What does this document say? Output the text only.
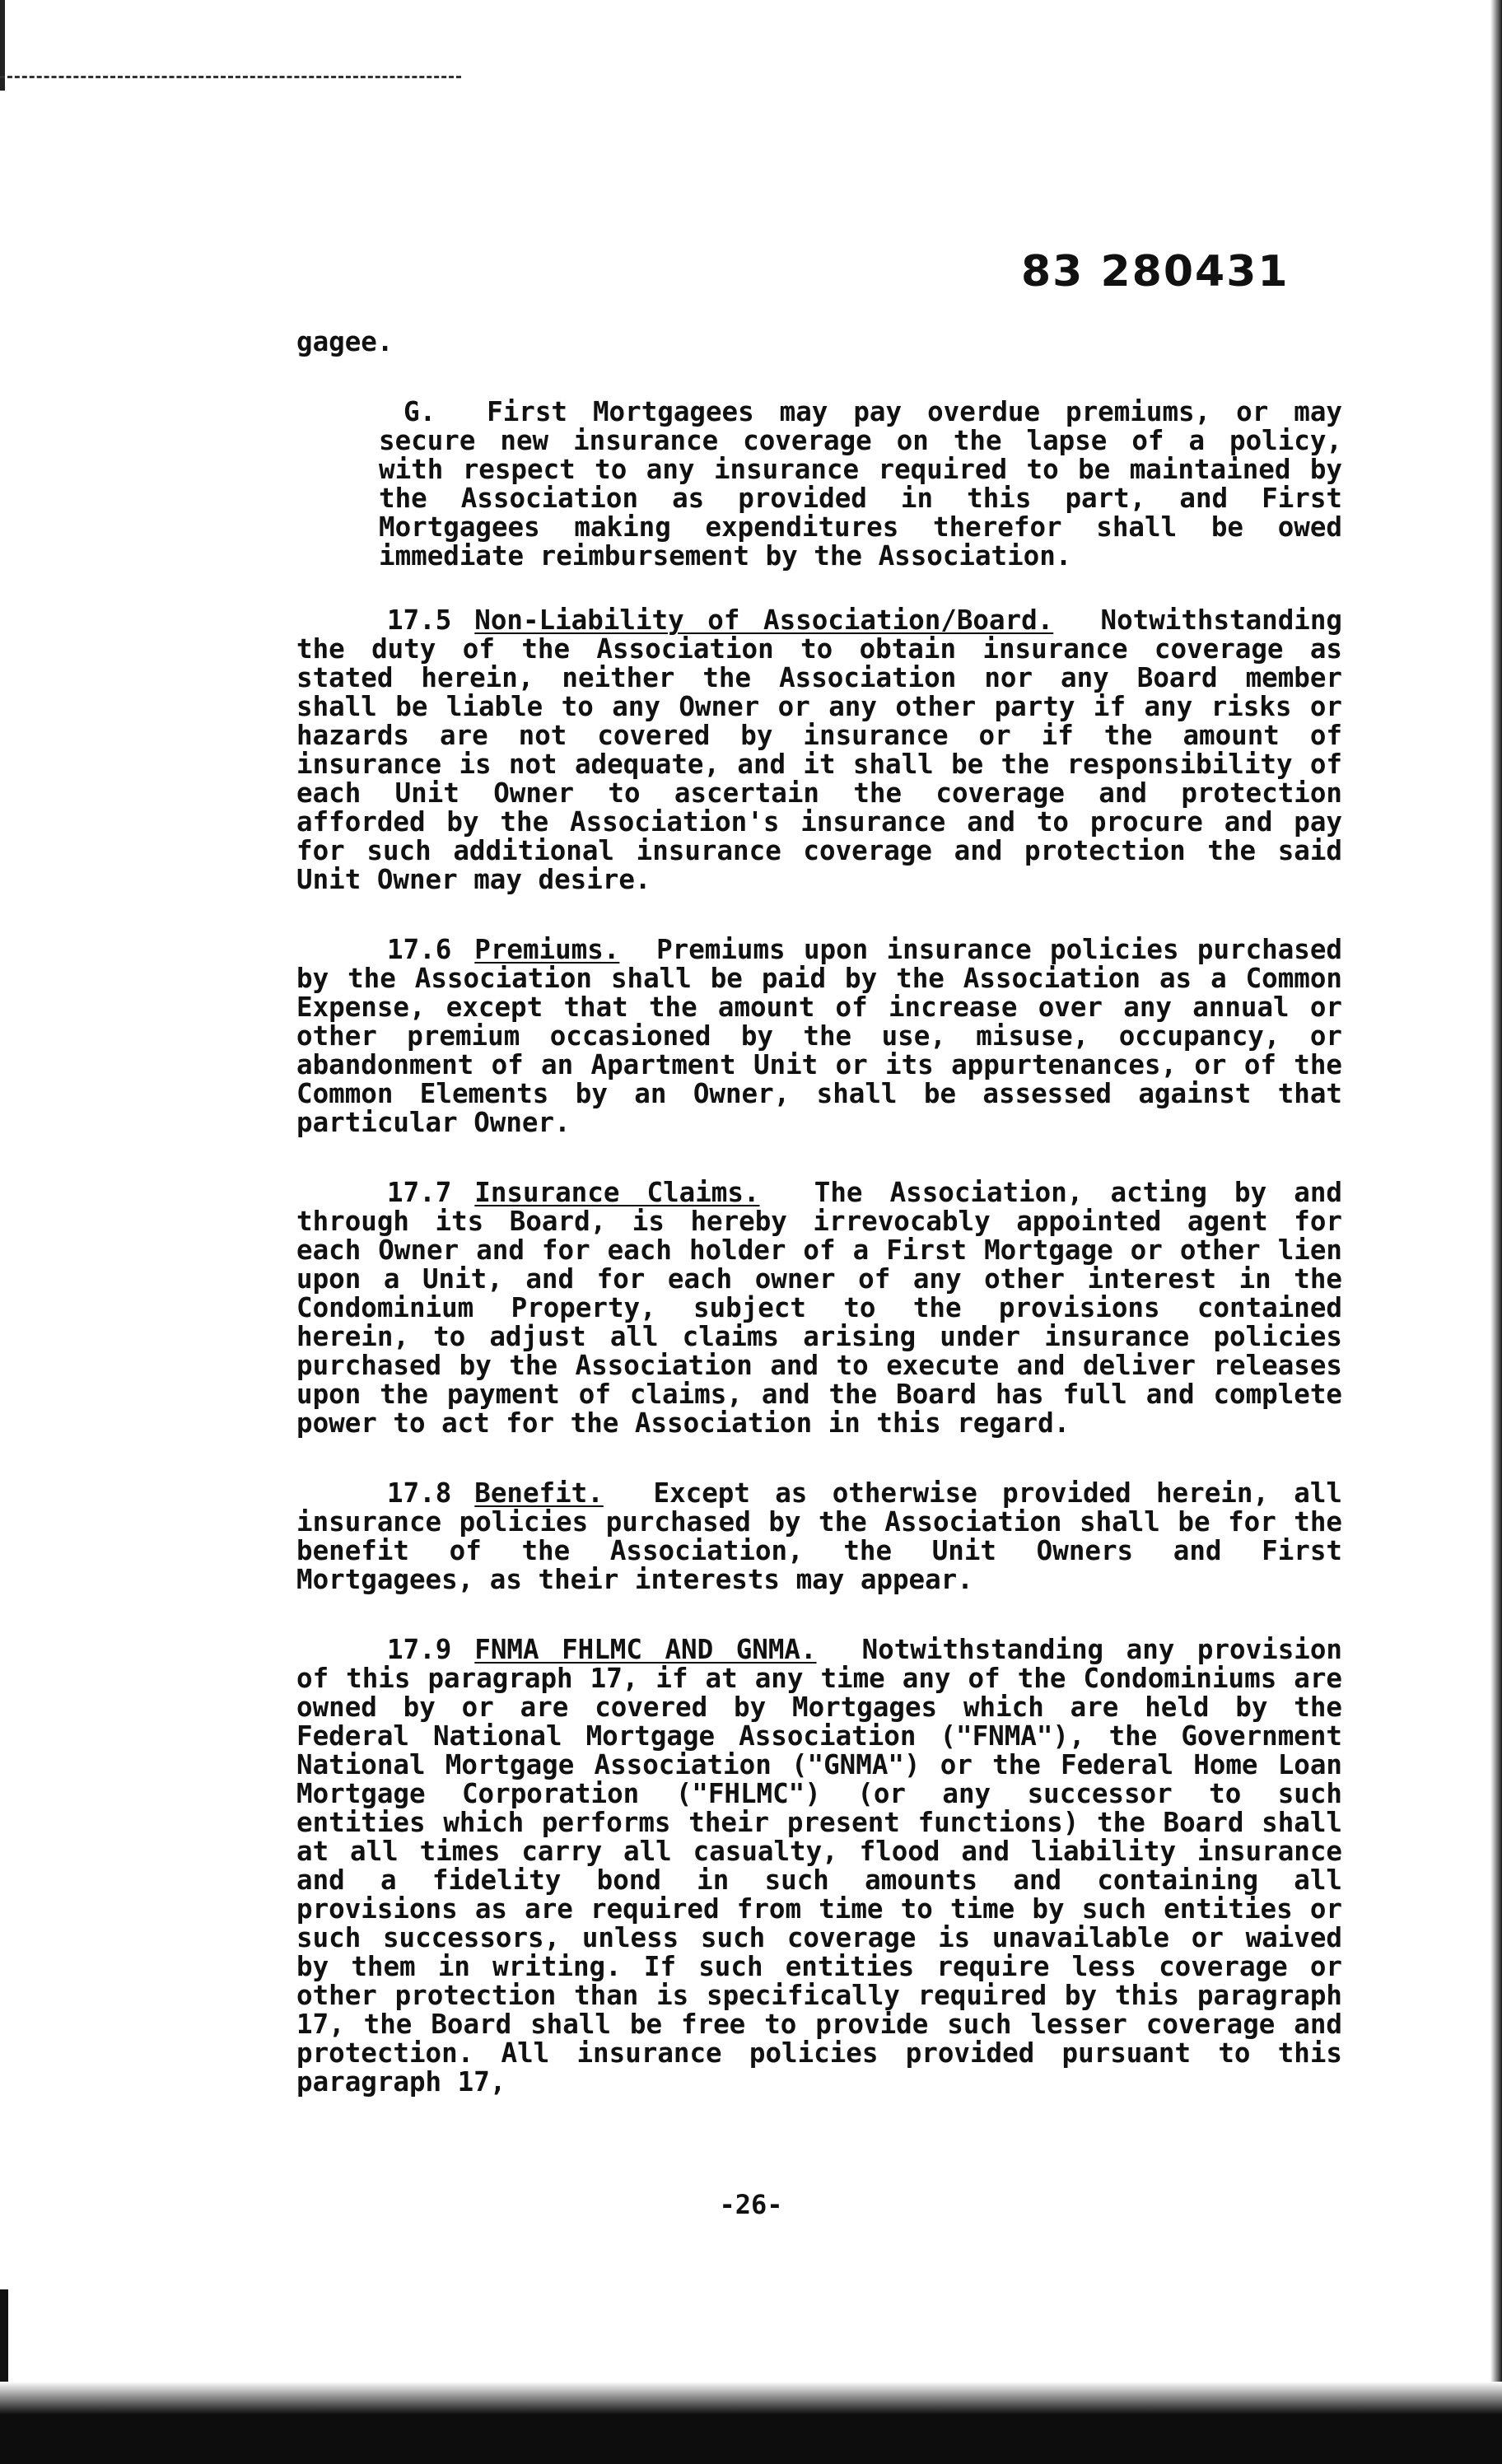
83 280431

gagee.

G. First Mortgagees may pay overdue premiums, or may secure new insurance coverage on the lapse of a policy, with respect to any insurance required to be maintained by the Association as provided in this part, and First Mortgagees making expenditures therefor shall be owed immediate reimbursement by the Association.

17.5 Non-Liability of Association/Board. Notwithstanding the duty of the Association to obtain insurance coverage as stated herein, neither the Association nor any Board member shall be liable to any Owner or any other party if any risks or hazards are not covered by insurance or if the amount of insurance is not adequate, and it shall be the responsibility of each Unit Owner to ascertain the coverage and protection afforded by the Association's insurance and to procure and pay for such additional insurance coverage and protection the said Unit Owner may desire.

17.6 Premiums. Premiums upon insurance policies purchased by the Association shall be paid by the Association as a Common Expense, except that the amount of increase over any annual or other premium occasioned by the use, misuse, occupancy, or abandonment of an Apartment Unit or its appurtenances, or of the Common Elements by an Owner, shall be assessed against that particular Owner.

17.7 Insurance Claims. The Association, acting by and through its Board, is hereby irrevocably appointed agent for each Owner and for each holder of a First Mortgage or other lien upon a Unit, and for each owner of any other interest in the Condominium Property, subject to the provisions contained herein, to adjust all claims arising under insurance policies purchased by the Association and to execute and deliver releases upon the payment of claims, and the Board has full and complete power to act for the Association in this regard.

17.8 Benefit. Except as otherwise provided herein, all insurance policies purchased by the Association shall be for the benefit of the Association, the Unit Owners and First Mortgagees, as their interests may appear.

17.9 FNMA FHLMC AND GNMA. Notwithstanding any provision of this paragraph 17, if at any time any of the Condominiums are owned by or are covered by Mortgages which are held by the Federal National Mortgage Association ("FNMA"), the Government National Mortgage Association ("GNMA") or the Federal Home Loan Mortgage Corporation ("FHLMC") (or any successor to such entities which performs their present functions) the Board shall at all times carry all casualty, flood and liability insurance and a fidelity bond in such amounts and containing all provisions as are required from time to time by such entities or such successors, unless such coverage is unavailable or waived by them in writing. If such entities require less coverage or other protection than is specifically required by this paragraph 17, the Board shall be free to provide such lesser coverage and protection. All insurance policies provided pursuant to this paragraph 17,

-26-
